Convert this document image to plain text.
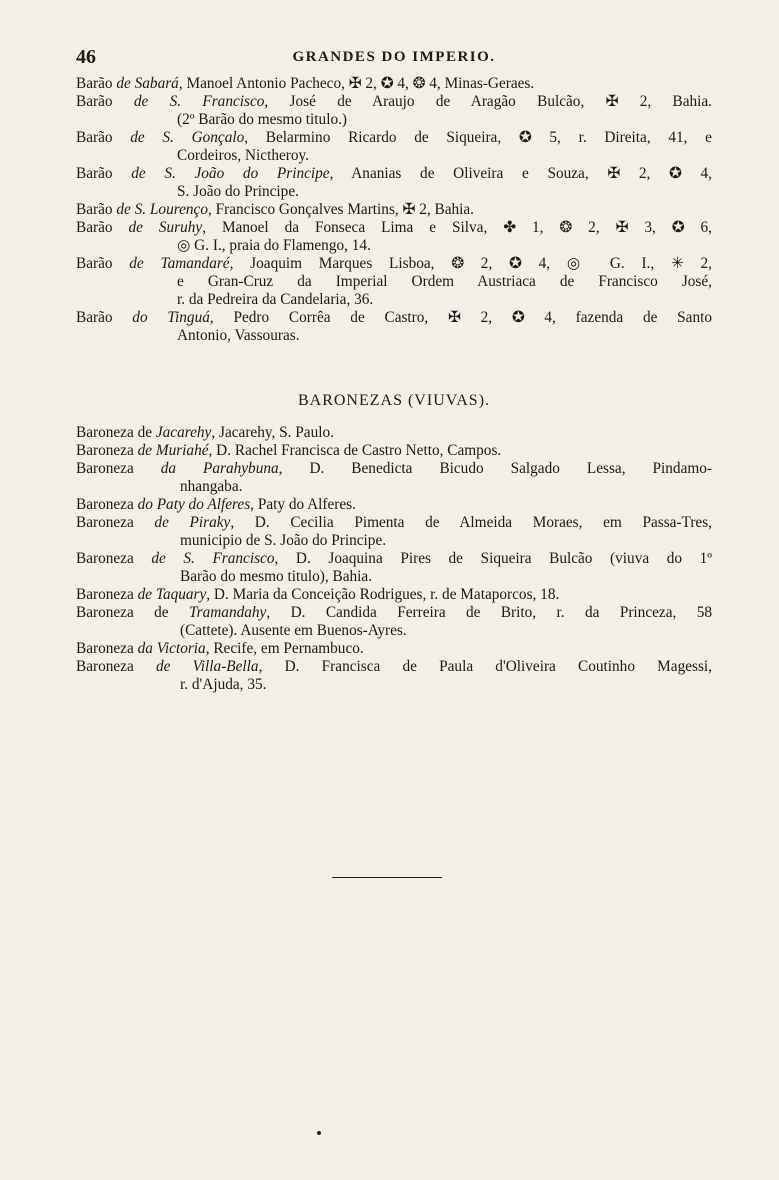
46	GRANDES DO IMPERIO.
Barão de Sabará, Manoel Antonio Pacheco, ✠ 2, ✪ 4, ❂ 4, Minas-Geraes.
Barão de S. Francisco, José de Araujo de Aragão Bulcão, ✠ 2, Bahia.
(2º Barão do mesmo titulo.)
Barão de S. Gonçalo, Belarmino Ricardo de Siqueira, ✪ 5, r. Direita, 41, e
Cordeiros, Nictheroy.
Barão de S. João do Principe, Ananias de Oliveira e Souza, ✠ 2, ✪ 4,
S. João do Principe.
Barão de S. Lourenço, Francisco Gonçalves Martins, ✠ 2, Bahia.
Barão de Suruhy, Manoel da Fonseca Lima e Silva, ✤ 1, ❂ 2, ✠ 3, ✪ 6,
◎ G. I., praia do Flamengo, 14.
Barão de Tamandaré, Joaquim Marques Lisboa, ❂ 2, ✪ 4, ◎ G. I., ✳ 2,
e Gran-Cruz da Imperial Ordem Austriaca de Francisco José,
r. da Pedreira da Candelaria, 36.
Barão do Tinguá, Pedro Corrêa de Castro, ✠ 2, ✪ 4, fazenda de Santo
Antonio, Vassouras.
BARONEZAS (VIUVAS).
Baroneza de Jacarehy, Jacarehy, S. Paulo.
Baroneza de Muriahé, D. Rachel Francisca de Castro Netto, Campos.
Baroneza da Parahybuna, D. Benedicta Bicudo Salgado Lessa, Pindamo-
nhangaba.
Baroneza do Paty do Alferes, Paty do Alferes.
Baroneza de Piraky, D. Cecilia Pimenta de Almeida Moraes, em Passa-Tres,
municipio de S. João do Principe.
Baroneza de S. Francisco, D. Joaquina Pires de Siqueira Bulcão (viuva do 1º
Barão do mesmo titulo), Bahia.
Baroneza de Taquary, D. Maria da Conceição Rodrigues, r. de Mataporcos, 18.
Baroneza de Tramandahy, D. Candida Ferreira de Brito, r. da Princeza, 58
(Cattete). Ausente em Buenos-Ayres.
Baroneza da Victoria, Recife, em Pernambuco.
Baroneza de Villa-Bella, D. Francisca de Paula d'Oliveira Coutinho Magessi,
r. d'Ajuda, 35.
